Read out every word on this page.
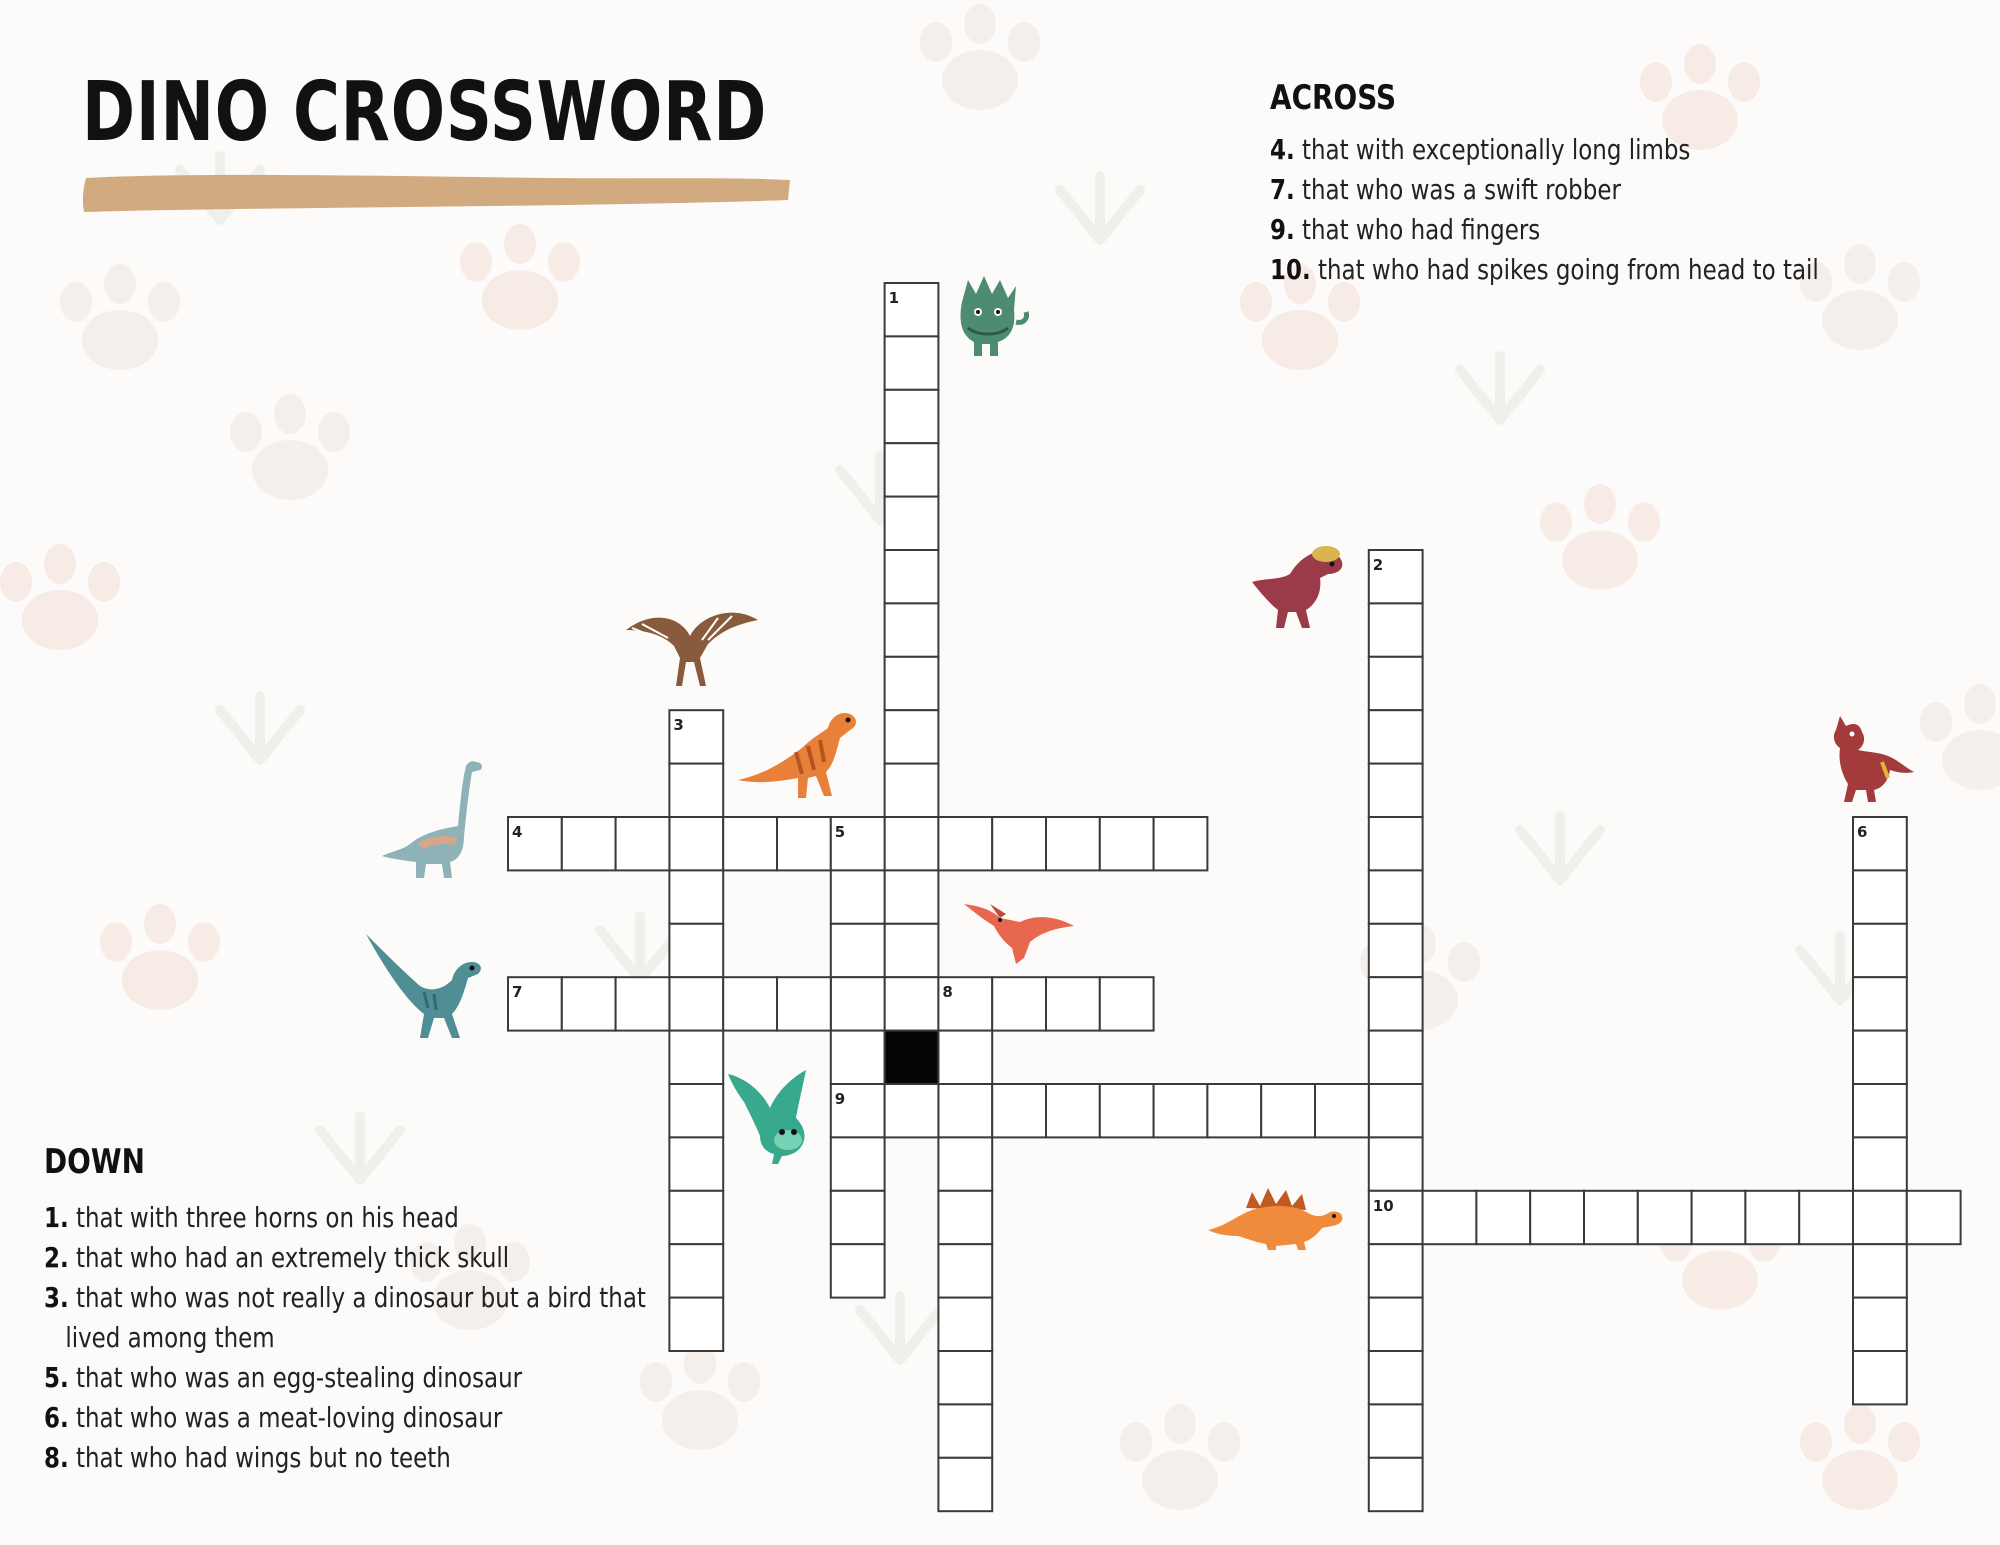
DINO CROSSWORD	ACROSS
4. that with exceptionally long limbs
7. that who was a swift robber
9. that who had fingers
10. that who had spikes going from head to tail
DOWN
1. that with three horns on his head
2. that who had an extremely thick skull
3. that who was not really a dinosaur but a bird that
lived among them
5. that who was an egg-stealing dinosaur
6. that who was a meat-loving dinosaur
8. that who had wings but no teeth
1
2
3
4	5	6
7	8
9
10
